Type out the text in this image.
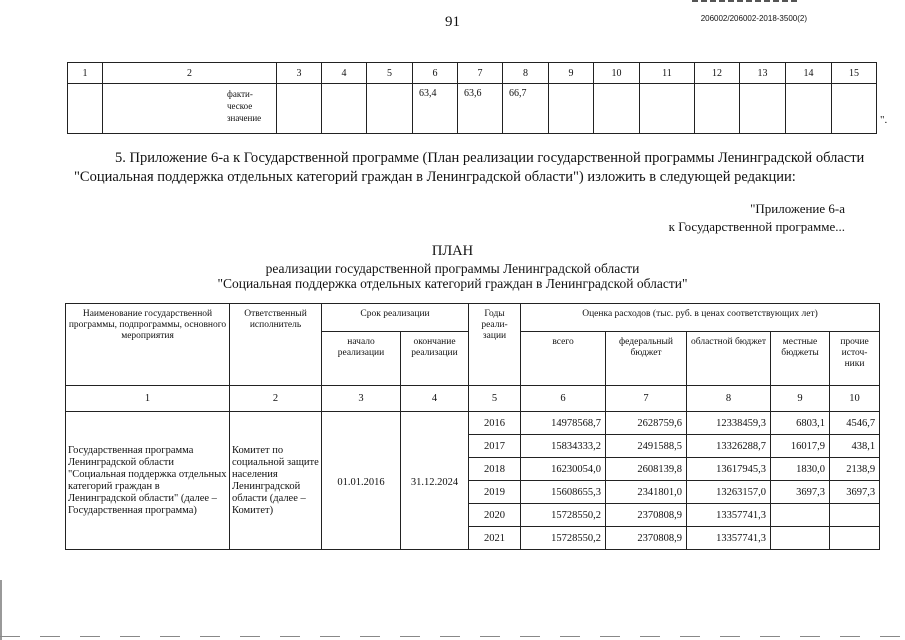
91	206002/206002-2018-3500(2)
1	2	3	4	5	6	7	8	9	10	11	12	13	14	15

	факти-
ческое
значение				63,4	63,6	66,7							
".
5. Приложение 6-а к Государственной программе (План реализации государственной программы Ленинградской области
"Социальная поддержка отдельных категорий граждан в Ленинградской области") изложить в следующей редакции:
"Приложение 6-а
к Государственной программе...
ПЛАН
реализации государственной программы Ленинградской области
"Социальная поддержка отдельных категорий граждан в Ленинградской области"
Наименование государственной программы, подпрограммы, основного мероприятия	Ответственный исполнитель	Срок реализации		Годы реали- зации	Оценка расходов (тыс. руб. в ценах соответствующих лет)				
		начало реализации	окончание реализации		всего	федеральный бюджет	областной бюджет	местные бюджеты	прочие источ- ники
1	2	3	4	5	6	7	8	9	10
Государственная программа Ленинградской области "Социальная поддержка отдельных категорий граждан в Ленинградской области" (далее – Государственная программа)	Комитет по социальной защите населения Ленинградской области (далее – Комитет)	01.01.2016	31.12.2024	2016	14978568,7	2628759,6	12338459,3	6803,1	4546,7
				2017	15834333,2	2491588,5	13326288,7	16017,9	438,1
				2018	16230054,0	2608139,8	13617945,3	1830,0	2138,9
				2019	15608655,3	2341801,0	13263157,0	3697,3	3697,3
				2020	15728550,2	2370808,9	13357741,3		
				2021	15728550,2	2370808,9	13357741,3		
